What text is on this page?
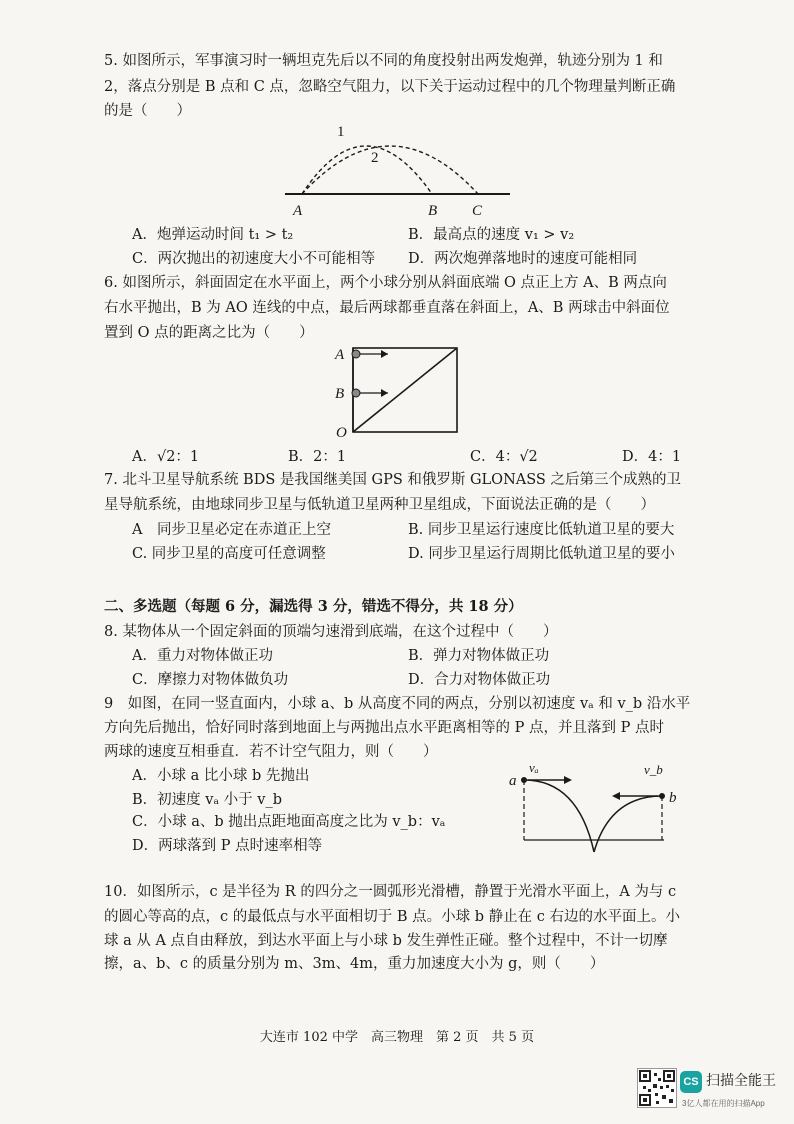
5. 如图所示，军事演习时一辆坦克先后以不同的角度投射出两发炮弹，轨迹分别为 1 和
2，落点分别是 B 点和 C 点，忽略空气阻力，以下关于运动过程中的几个物理量判断正确
的是（　　）
1
2
A	B C
A．炮弹运动时间 t₁ > t₂	B．最高点的速度 v₁ > v₂
C．两次抛出的初速度大小不可能相等 D．两次炮弹落地时的速度可能相同
6. 如图所示，斜面固定在水平面上，两个小球分别从斜面底端 O 点正上方 A、B 两点向
右水平抛出，B 为 AO 连线的中点，最后两球都垂直落在斜面上，A、B 两球击中斜面位
置到 O 点的距离之比为（　　）
A
B
O
A．√2：1	B．2：1	C．4：√2	D．4：1
7. 北斗卫星导航系统 BDS 是我国继美国 GPS 和俄罗斯 GLONASS 之后第三个成熟的卫
星导航系统，由地球同步卫星与低轨道卫星两种卫星组成，下面说法正确的是（　　）
A　同步卫星必定在赤道正上空	B. 同步卫星运行速度比低轨道卫星的要大
C. 同步卫星的高度可任意调整	D. 同步卫星运行周期比低轨道卫星的要小
二、多选题（每题 6 分，漏选得 3 分，错选不得分，共 18 分）
8. 某物体从一个固定斜面的顶端匀速滑到底端，在这个过程中（　　）
A．重力对物体做正功	B．弹力对物体做正功
C．摩擦力对物体做负功	D．合力对物体做正功
9　如图，在同一竖直面内，小球 a、b 从高度不同的两点，分别以初速度 vₐ 和 v_b 沿水平
方向先后抛出，恰好同时落到地面上与两抛出点水平距离相等的 P 点，并且落到 P 点时
两球的速度互相垂直．若不计空气阻力，则（　　）
A．小球 a 比小球 b 先抛出
B．初速度 vₐ 小于 v_b
C．小球 a、b 抛出点距地面高度之比为 v_b：vₐ
D．两球落到 P 点时速率相等
a
b
vₐ	v_b
10．如图所示，c 是半径为 R 的四分之一圆弧形光滑槽，静置于光滑水平面上，A 为与 c
的圆心等高的点，c 的最低点与水平面相切于 B 点。小球 b 静止在 c 右边的水平面上。小
球 a 从 A 点自由释放，到达水平面上与小球 b 发生弹性正碰。整个过程中，不计一切摩
擦，a、b、c 的质量分别为 m、3m、4m，重力加速度大小为 g，则（　　）
大连市 102 中学　高三物理　第 2 页　共 5 页
CS 扫描全能王
3亿人都在用的扫描App
